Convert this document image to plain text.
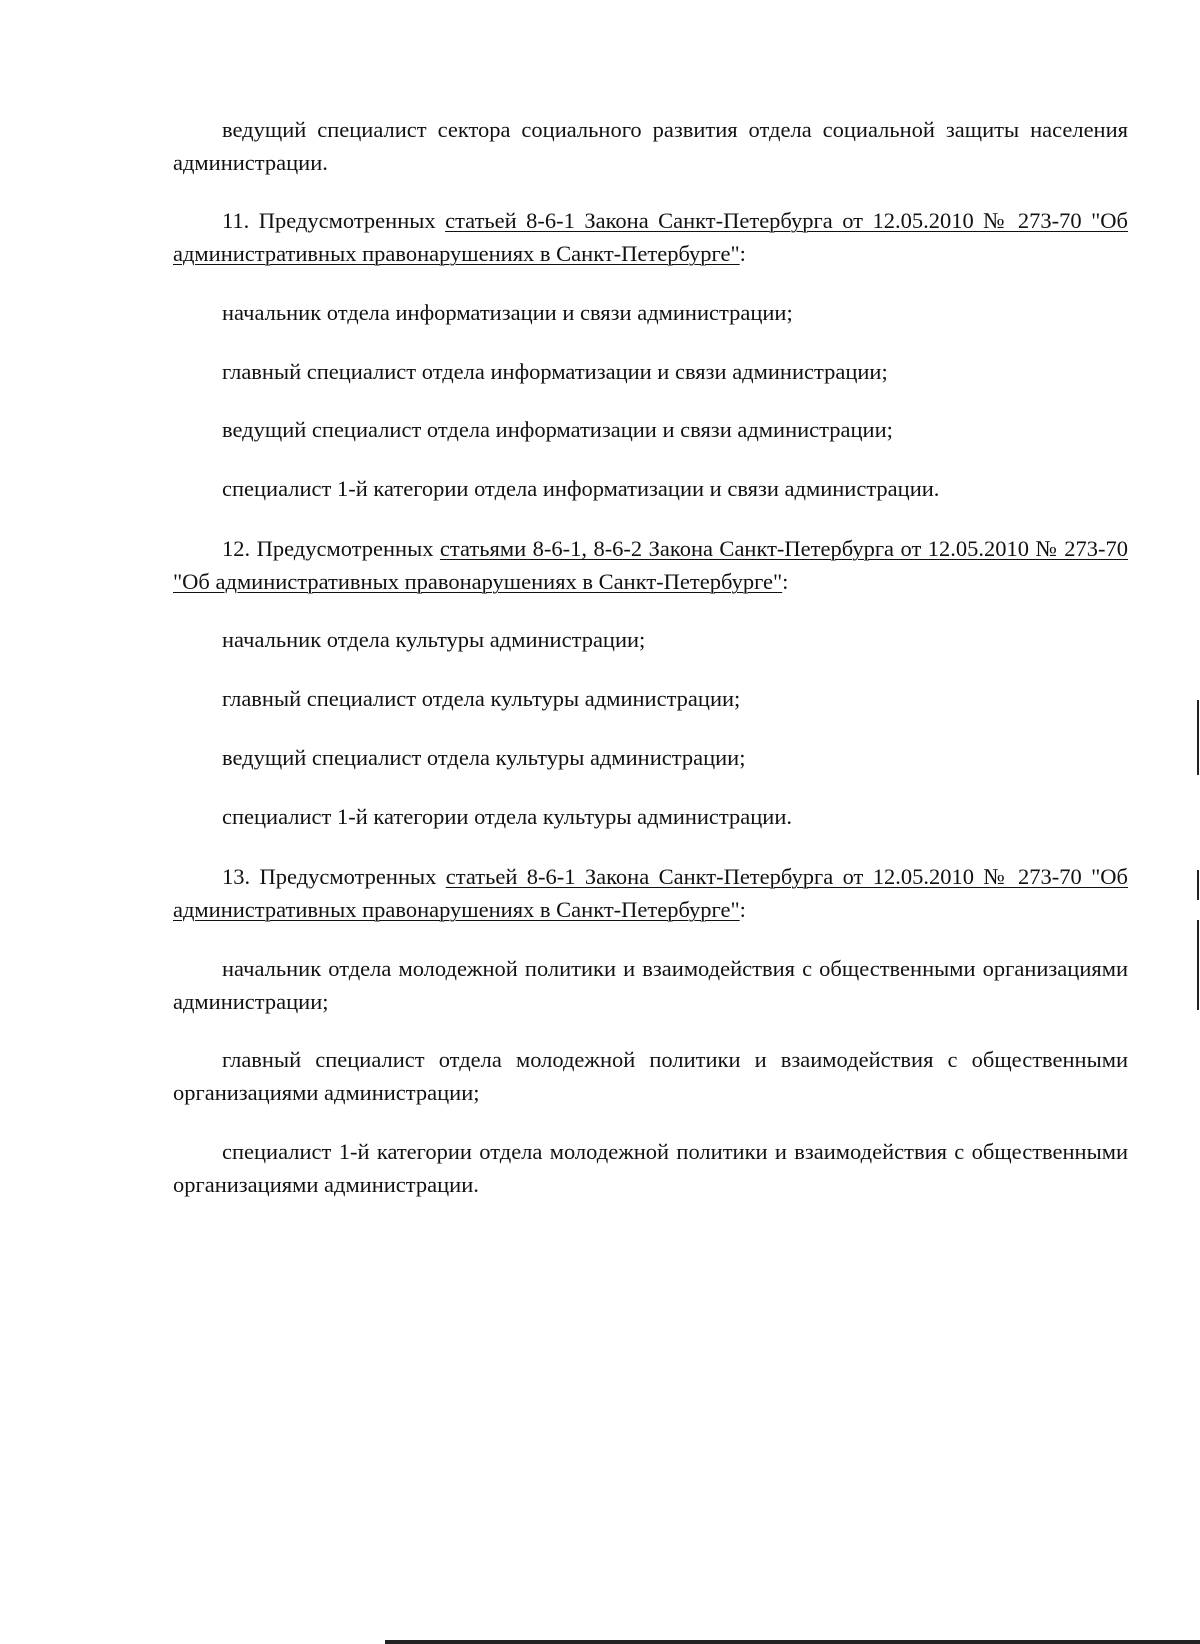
ведущий специалист сектора социального развития отдела социальной защиты населения администрации.

11. Предусмотренных статьей 8-6-1 Закона Санкт-Петербурга от 12.05.2010 № 273-70 "Об административных правонарушениях в Санкт-Петербурге":

начальник отдела информатизации и связи администрации;

главный специалист отдела информатизации и связи администрации;

ведущий специалист отдела информатизации и связи администрации;

специалист 1-й категории отдела информатизации и связи администрации.

12. Предусмотренных статьями 8-6-1, 8-6-2 Закона Санкт-Петербурга от 12.05.2010 № 273-70 "Об административных правонарушениях в Санкт-Петербурге":

начальник отдела культуры администрации;

главный специалист отдела культуры администрации;

ведущий специалист отдела культуры администрации;

специалист 1-й категории отдела культуры администрации.

13. Предусмотренных статьей 8-6-1 Закона Санкт-Петербурга от 12.05.2010 № 273-70 "Об административных правонарушениях в Санкт-Петербурге":

начальник отдела молодежной политики и взаимодействия с общественными организациями администрации;

главный специалист отдела молодежной политики и взаимодействия с общественными организациями администрации;

специалист 1-й категории отдела молодежной политики и взаимодействия с общественными организациями администрации.
